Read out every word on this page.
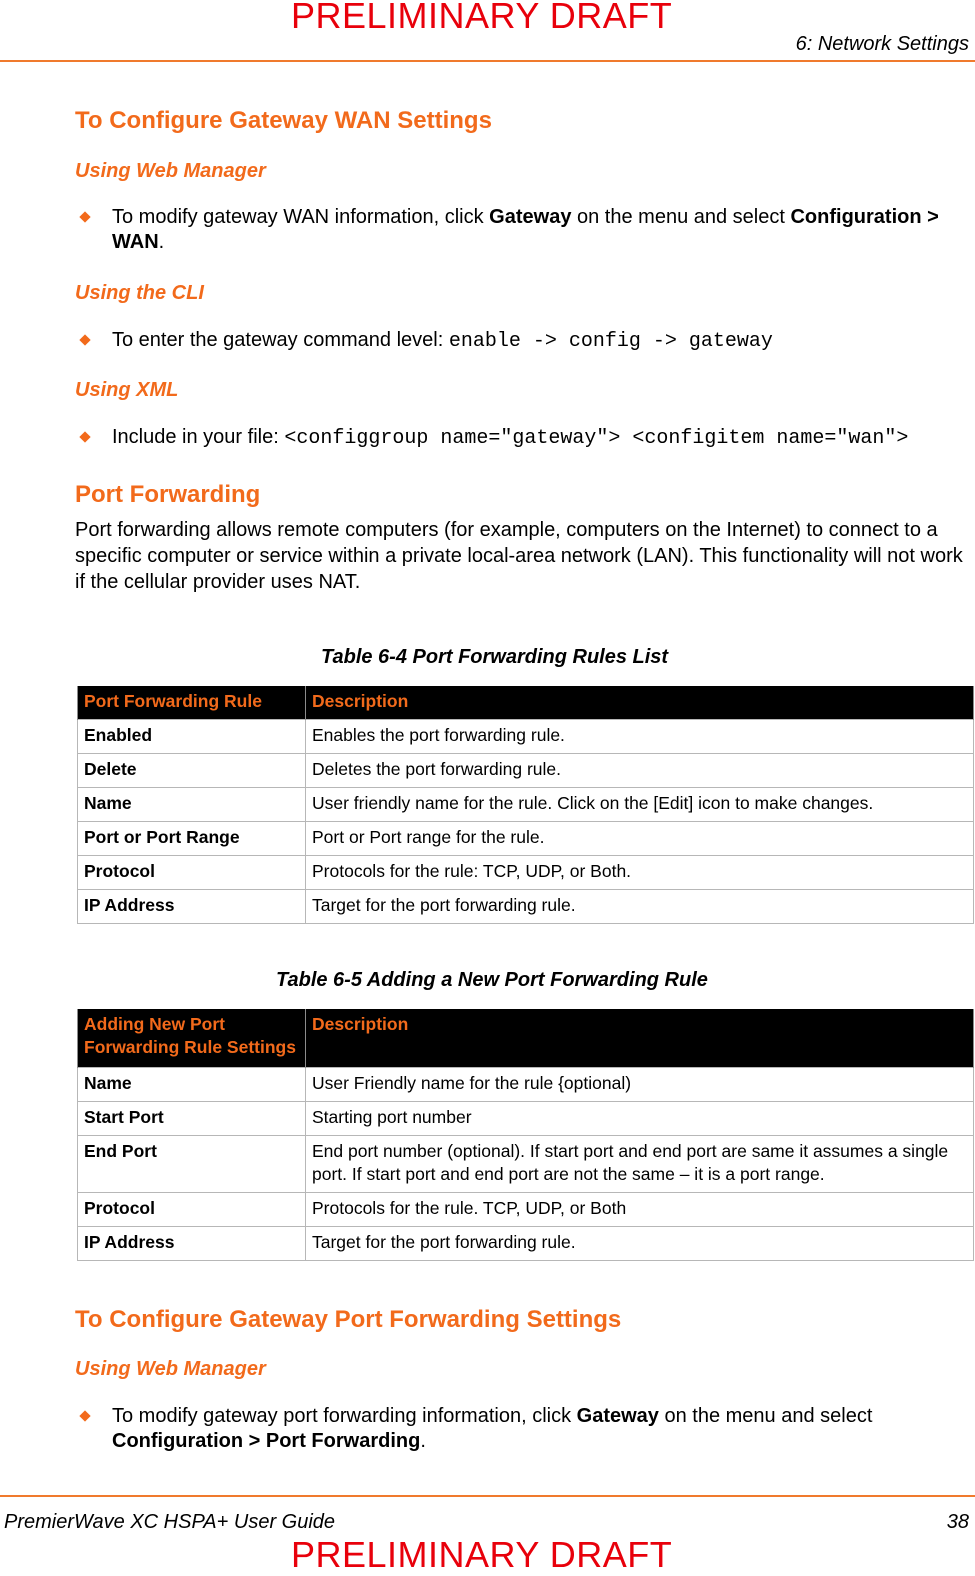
PRELIMINARY DRAFT
6: Network Settings
To Configure Gateway WAN Settings
Using Web Manager
To modify gateway WAN information, click Gateway on the menu and select Configuration > WAN.
Using the CLI
To enter the gateway command level: enable -> config -> gateway
Using XML
Include in your file: <configgroup name="gateway"> <configitem name="wan">
Port Forwarding
Port forwarding allows remote computers (for example, computers on the Internet) to connect to a specific computer or service within a private local-area network (LAN). This functionality will not work if the cellular provider uses NAT.
Table 6-4 Port Forwarding Rules List
Port Forwarding Rule	Description
Enabled	Enables the port forwarding rule.
Delete	Deletes the port forwarding rule.
Name	User friendly name for the rule. Click on the [Edit] icon to make changes.
Port or Port Range	Port or Port range for the rule.
Protocol	Protocols for the rule: TCP, UDP, or Both.
IP Address	Target for the port forwarding rule.
Table 6-5 Adding a New Port Forwarding Rule
Adding New Port Forwarding Rule Settings	Description
Name	User Friendly name for the rule {optional)
Start Port	Starting port number
End Port	End port number (optional). If start port and end port are same it assumes a single port. If start port and end port are not the same – it is a port range.
Protocol	Protocols for the rule. TCP, UDP, or Both
IP Address	Target for the port forwarding rule.
To Configure Gateway Port Forwarding Settings
Using Web Manager
To modify gateway port forwarding information, click Gateway on the menu and select
Configuration > Port Forwarding.
PremierWave XC HSPA+ User Guide	38
PRELIMINARY DRAFT
